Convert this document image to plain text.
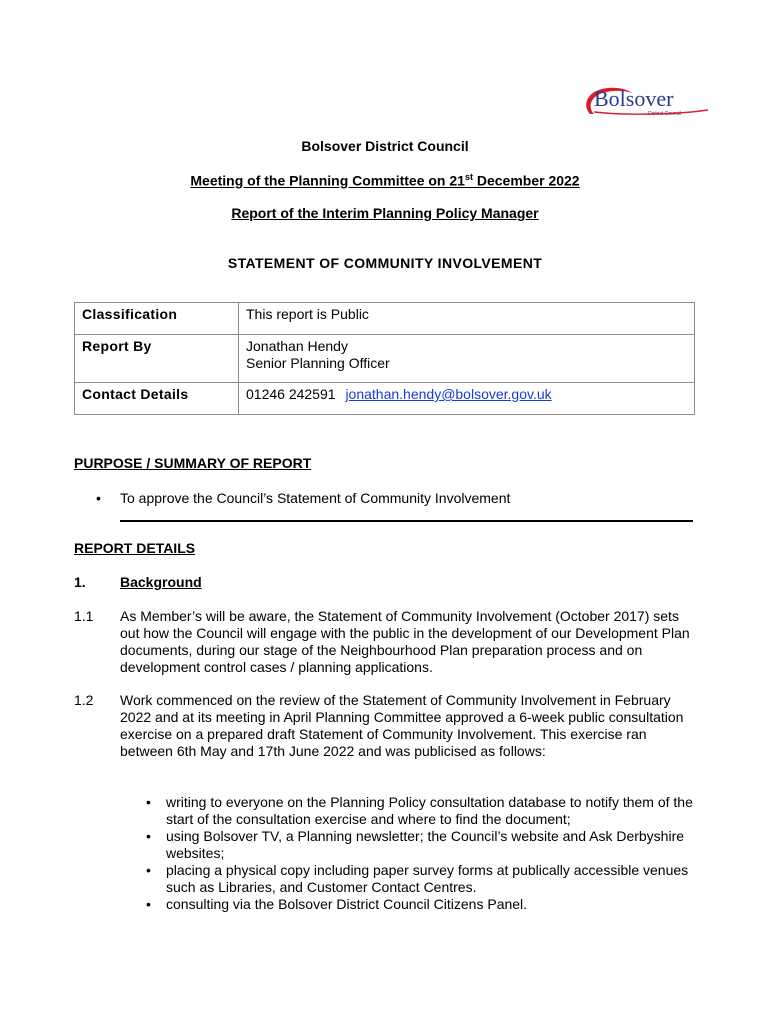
Bolsover
District Council
Bolsover District Council
Meeting of the Planning Committee on 21st December 2022
Report of the Interim Planning Policy Manager
STATEMENT OF COMMUNITY INVOLVEMENT
Classification	This report is Public
Report By	Jonathan Hendy
Senior Planning Officer

Contact Details	01246 242591 jonathan.hendy@bolsover.gov.uk
PURPOSE / SUMMARY OF REPORT
• To approve the Council’s Statement of Community Involvement
REPORT DETAILS
1. Background
1.1 As Member’s will be aware, the Statement of Community Involvement (October 2017) sets out how the Council will engage with the public in the development of our Development Plan documents, during our stage of the Neighbourhood Plan preparation process and on development control cases / planning applications.
1.2 Work commenced on the review of the Statement of Community Involvement in February 2022 and at its meeting in April Planning Committee approved a 6-week public consultation exercise on a prepared draft Statement of Community Involvement. This exercise ran between 6th May and 17th June 2022 and was publicised as follows:
• writing to everyone on the Planning Policy consultation database to notify them of the start of the consultation exercise and where to find the document;
• using Bolsover TV, a Planning newsletter; the Council’s website and Ask Derbyshire websites;
• placing a physical copy including paper survey forms at publically accessible venues such as Libraries, and Customer Contact Centres.
• consulting via the Bolsover District Council Citizens Panel.
